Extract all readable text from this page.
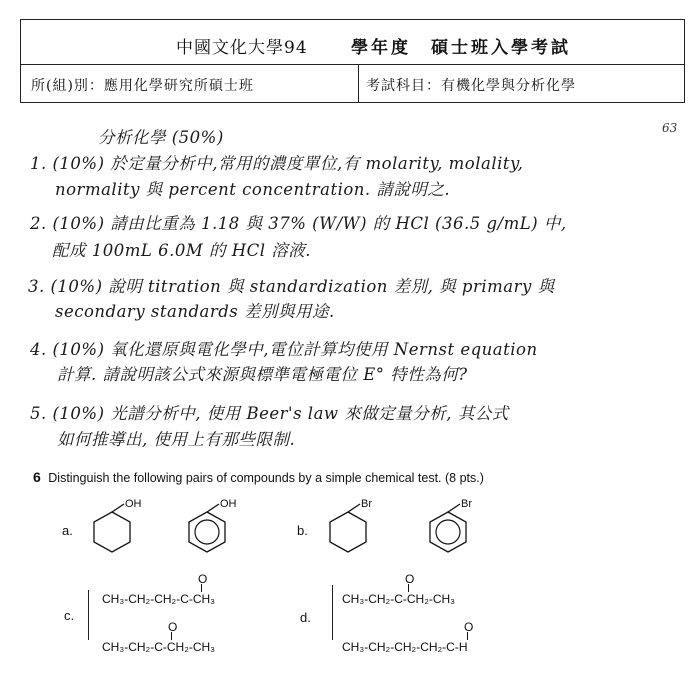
中國文化大學94	學年度　碩士班入學考試
所(組)別：應用化學研究所碩士班	考試科目：有機化學與分析化學
63
分析化學 (50%)
1. (10%) 於定量分析中,常用的濃度單位,有 molarity, molality,
normality 與 percent concentration. 請說明之.
2. (10%) 請由比重為 1.18 與 37% (W/W) 的 HCl (36.5 g/mL) 中,
配成 100mL 6.0M 的 HCl 溶液.
3. (10%) 說明 titration 與 standardization 差別, 與 primary 與
secondary standards 差別與用途.
4. (10%) 氧化還原與電化學中,電位計算均使用 Nernst equation
計算. 請說明該公式來源與標準電極電位 E° 特性為何?
5. (10%) 光譜分析中, 使用 Beer's law 來做定量分析, 其公式
如何推導出, 使用上有那些限制.
6 Distinguish the following pairs of compounds by a simple chemical test. (8 pts.)
a.
OH	OH
b.
Br	Br
c.
O
CH₃-CH₂-CH₂-C-CH₃
O
CH₃-CH₂-C-CH₂-CH₃
d.
O
CH₃-CH₂-C-CH₂-CH₃
O
CH₃-CH₂-CH₂-CH₂-C-H
